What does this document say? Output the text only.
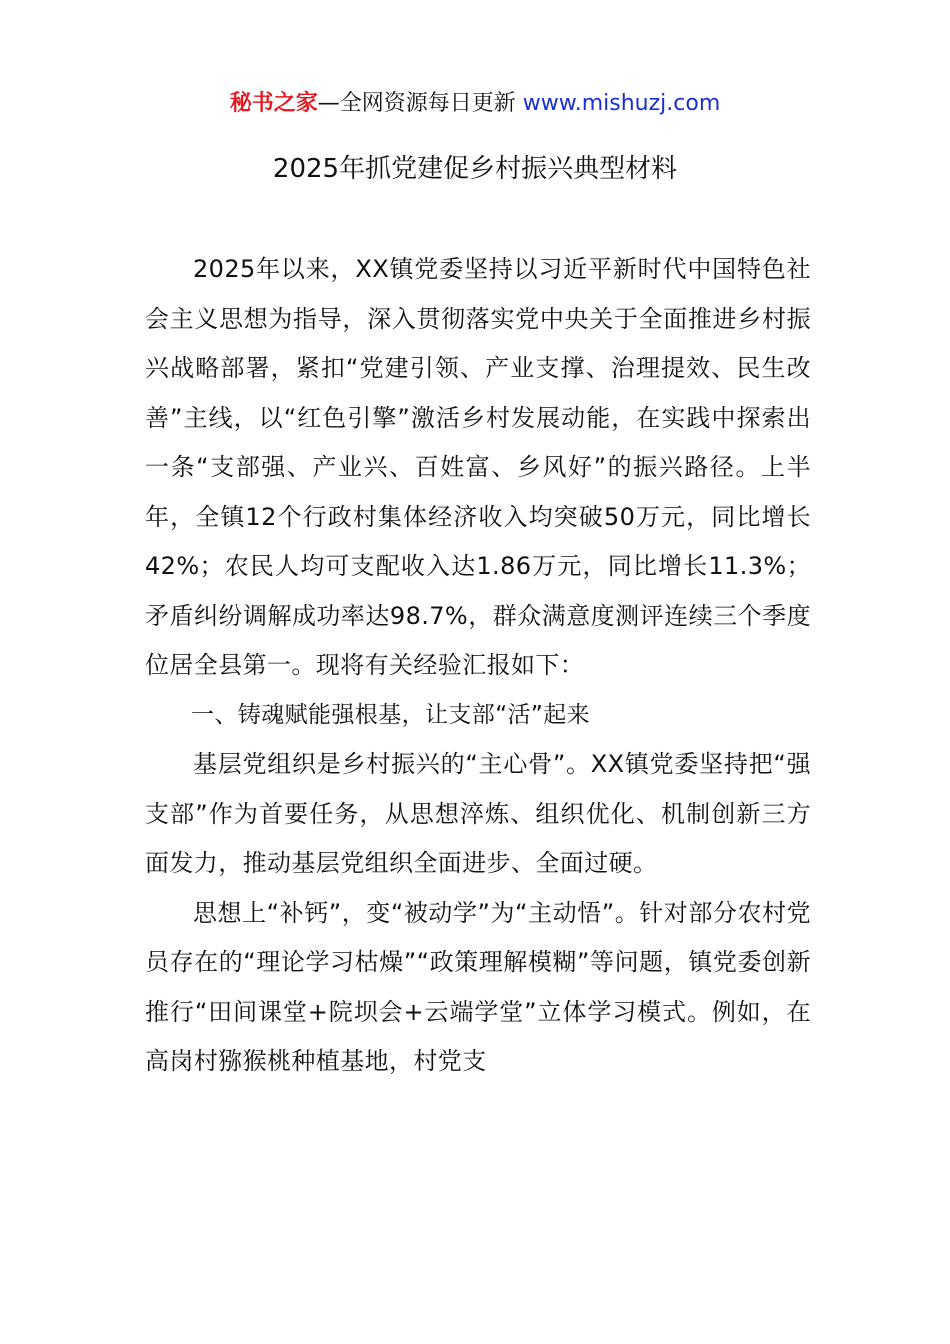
秘书之家—全网资源每日更新 www.mishuzj.com
2025年抓党建促乡村振兴典型材料

2025年以来，XX镇党委坚持以习近平新时代中国特色社会主义思想为指导，深入贯彻落实党中央关于全面推进乡村振兴战略部署，紧扣“党建引领、产业支撑、治理提效、民生改善”主线，以“红色引擎”激活乡村发展动能，在实践中探索出一条“支部强、产业兴、百姓富、乡风好”的振兴路径。上半年，全镇12个行政村集体经济收入均突破50万元，同比增长42%；农民人均可支配收入达1.86万元，同比增长11.3%；矛盾纠纷调解成功率达98.7%，群众满意度测评连续三个季度位居全县第一。现将有关经验汇报如下：

一、铸魂赋能强根基，让支部“活”起来

基层党组织是乡村振兴的“主心骨”。XX镇党委坚持把“强支部”作为首要任务，从思想淬炼、组织优化、机制创新三方面发力，推动基层党组织全面进步、全面过硬。

思想上“补钙”，变“被动学”为“主动悟”。针对部分农村党员存在的“理论学习枯燥”“政策理解模糊”等问题，镇党委创新推行“田间课堂+院坝会+云端学堂”立体学习模式。例如，在高岗村猕猴桃种植基地，村党支
